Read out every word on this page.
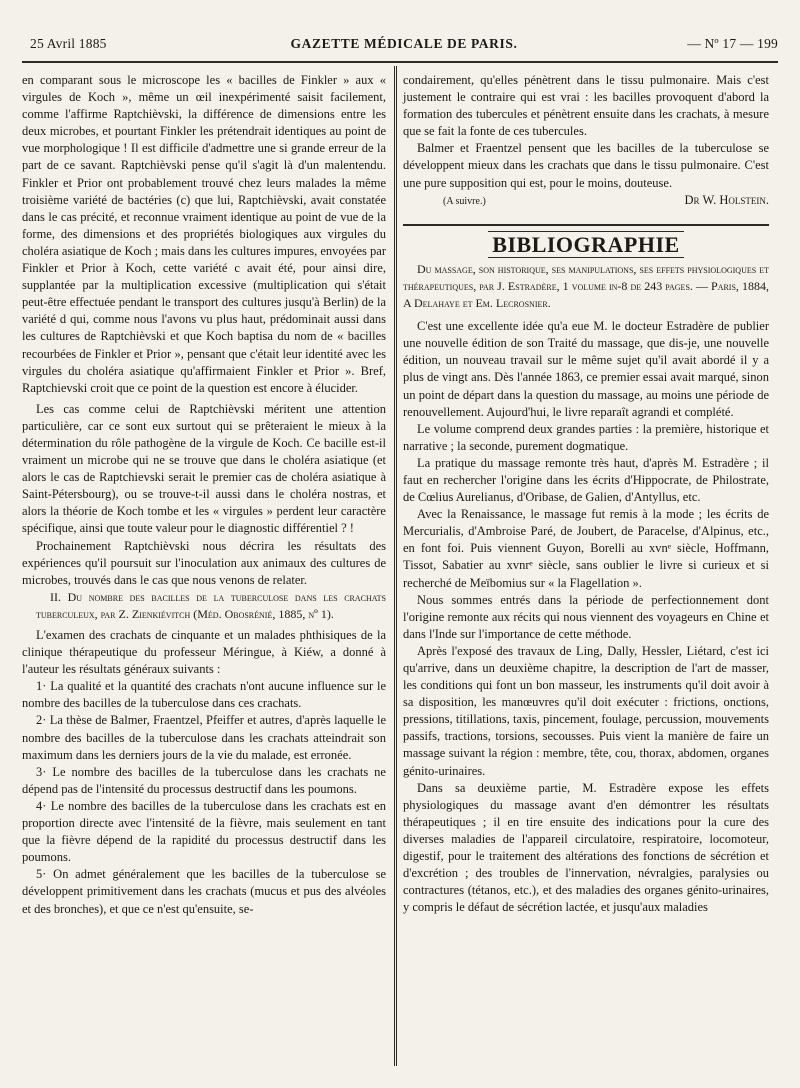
25 Avril 1885	GAZETTE MÉDICALE DE PARIS.	— Nº 17 — 199

en comparant sous le microscope les « bacilles de Finkler » aux « virgules de Koch », même un œil inexpérimenté saisit facilement, comme l'affirme Raptchièvski, la différence de dimensions entre les deux microbes, et pourtant Finkler les prétendrait identiques au point de vue morphologique ! Il est difficile d'admettre une si grande erreur de la part de ce savant. Raptchièvski pense qu'il s'agit là d'un malentendu. Finkler et Prior ont probablement trouvé chez leurs malades la même troisième variété de bactéries (c) que lui, Raptchièvski, avait constatée dans le cas précité, et reconnue vraiment identique au point de vue de la forme, des dimensions et des propriétés biologiques aux virgules du choléra asiatique de Koch ; mais dans les cultures impures, envoyées par Finkler et Prior à Koch, cette variété c avait été, pour ainsi dire, supplantée par la multiplication excessive (multiplication qui s'était peut-être effectuée pendant le transport des cultures jusqu'à Berlin) de la variété d qui, comme nous l'avons vu plus haut, prédominait aussi dans les cultures de Raptchièvski et que Koch baptisa du nom de « bacilles recourbées de Finkler et Prior », pensant que c'était leur identité avec les virgules du choléra asiatique qu'affirmaient Finkler et Prior ». Bref, Raptchievski croit que ce point de la question est encore à élucider.

Les cas comme celui de Raptchièvski méritent une attention particulière, car ce sont eux surtout qui se prêteraient le mieux à la détermination du rôle pathogène de la virgule de Koch. Ce bacille est-il vraiment un microbe qui ne se trouve que dans le choléra asiatique (et alors le cas de Raptchievski serait le premier cas de choléra asiatique à Saint-Pétersbourg), ou se trouve-t-il aussi dans le choléra nostras, et alors la théorie de Koch tombe et les « virgules » perdent leur caractère spécifique, ainsi que toute valeur pour le diagnostic différentiel ? !

Prochainement Raptchièvski nous décrira les résultats des expériences qu'il poursuit sur l'inoculation aux animaux des cultures de microbes, trouvés dans le cas que nous venons de relater.

II. Du nombre des bacilles de la tuberculose dans les crachats tuberculeux, par Z. Zienkiévitch (Méd. Obosrénié, 1885, nº 1).

L'examen des crachats de cinquante et un malades phthisiques de la clinique thérapeutique du professeur Méringue, à Kiéw, a donné à l'auteur les résultats généraux suivants :

1· La qualité et la quantité des crachats n'ont aucune influence sur le nombre des bacilles de la tuberculose dans ces crachats.

2· La thèse de Balmer, Fraentzel, Pfeiffer et autres, d'après laquelle le nombre des bacilles de la tuberculose dans les crachats atteindrait son maximum dans les derniers jours de la vie du malade, est erronée.

3· Le nombre des bacilles de la tuberculose dans les crachats ne dépend pas de l'intensité du processus destructif dans les poumons.

4· Le nombre des bacilles de la tuberculose dans les crachats est en proportion directe avec l'intensité de la fièvre, mais seulement en tant que la fièvre dépend de la rapidité du processus destructif dans les poumons.

5· On admet généralement que les bacilles de la tuberculose se développent primitivement dans les crachats (mucus et pus des alvéoles et des bronches), et que ce n'est qu'ensuite, se-

condairement, qu'elles pénètrent dans le tissu pulmonaire. Mais c'est justement le contraire qui est vrai : les bacilles provoquent d'abord la formation des tubercules et pénètrent ensuite dans les crachats, à mesure que se fait la fonte de ces tubercules.

Balmer et Fraentzel pensent que les bacilles de la tuberculose se développent mieux dans les crachats que dans le tissu pulmonaire. C'est une pure supposition qui est, pour le moins, douteuse.

(A suivre.)	Dr W. Holstein.
BIBLIOGRAPHIE

Du massage, son historique, ses manipulations, ses effets physiologiques et thérapeutiques, par J. Estradère, 1 volume in-8 de 243 pages. — Paris, 1884, A Delahaye et Em. Lecrosnier.

C'est une excellente idée qu'a eue M. le docteur Estradère de publier une nouvelle édition de son Traité du massage, que dis-je, une nouvelle édition, un nouveau travail sur le même sujet qu'il avait abordé il y a plus de vingt ans. Dès l'année 1863, ce premier essai avait marqué, sinon un point de départ dans la question du massage, au moins une période de renouvellement. Aujourd'hui, le livre reparaît agrandi et complété.

Le volume comprend deux grandes parties : la première, historique et narrative ; la seconde, purement dogmatique.

La pratique du massage remonte très haut, d'après M. Estradère ; il faut en rechercher l'origine dans les écrits d'Hippocrate, de Philostrate, de Cœlius Aurelianus, d'Oribase, de Galien, d'Antyllus, etc.

Avec la Renaissance, le massage fut remis à la mode ; les écrits de Mercurialis, d'Ambroise Paré, de Joubert, de Paracelse, d'Alpinus, etc., en font foi. Puis viennent Guyon, Borelli au xvnᵉ siècle, Hoffmann, Tissot, Sabatier au xvnrᵉ siècle, sans oublier le livre si curieux et si recherché de Meïbomius sur « la Flagellation ».

Nous sommes entrés dans la période de perfectionnement dont l'origine remonte aux récits qui nous viennent des voyageurs en Chine et dans l'Inde sur l'importance de cette méthode.

Après l'exposé des travaux de Ling, Dally, Hessler, Liétard, c'est ici qu'arrive, dans un deuxième chapitre, la description de l'art de masser, les conditions qui font un bon masseur, les instruments qu'il doit avoir à sa disposition, les manœuvres qu'il doit exécuter : frictions, onctions, pressions, titillations, taxis, pincement, foulage, percussion, mouvements passifs, tractions, torsions, secousses. Puis vient la manière de faire un massage suivant la région : membre, tête, cou, thorax, abdomen, organes génito-urinaires.

Dans sa deuxième partie, M. Estradère expose les effets physiologiques du massage avant d'en démontrer les résultats thérapeutiques ; il en tire ensuite des indications pour la cure des diverses maladies de l'appareil circulatoire, respiratoire, locomoteur, digestif, pour le traitement des altérations des fonctions de sécrétion et d'excrétion ; des troubles de l'innervation, névralgies, paralysies ou contractures (tétanos, etc.), et des maladies des organes génito-urinaires, y compris le défaut de sécrétion lactée, et jusqu'aux maladies
